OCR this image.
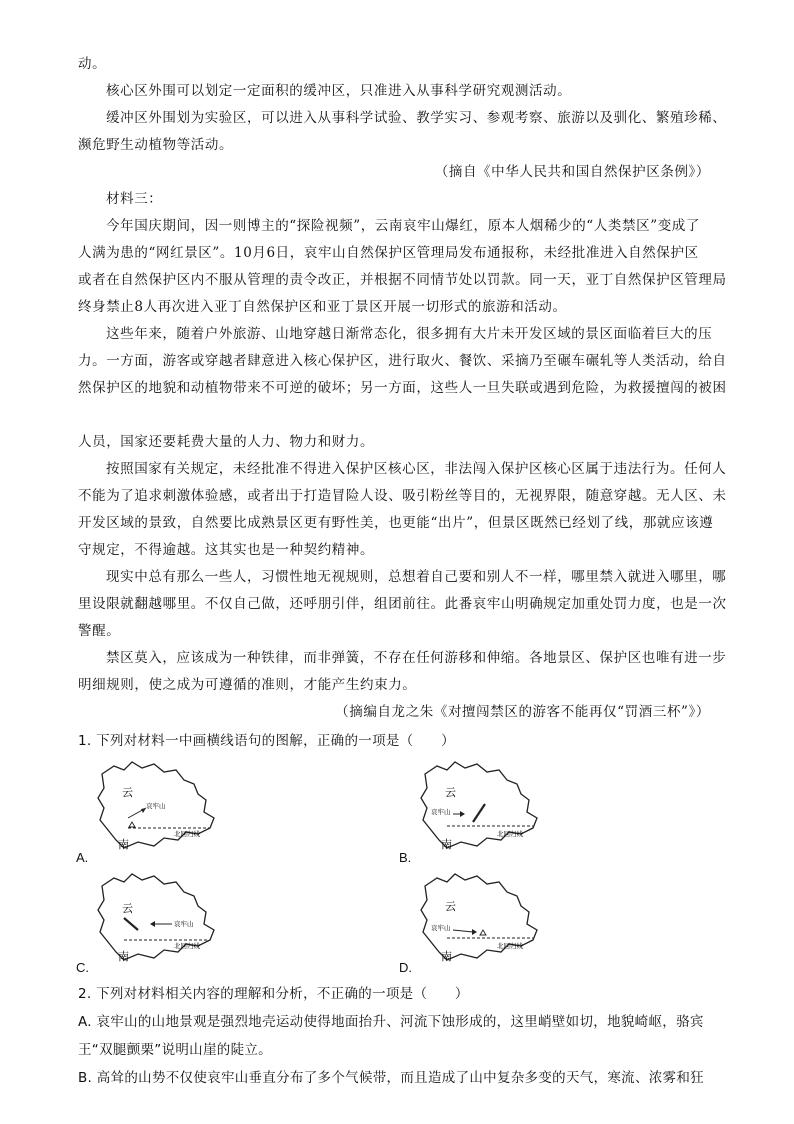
动。
核心区外围可以划定一定面积的缓冲区，只准进入从事科学研究观测活动。
缓冲区外围划为实验区，可以进入从事科学试验、教学实习、参观考察、旅游以及驯化、繁殖珍稀、
濒危野生动植物等活动。
（摘自《中华人民共和国自然保护区条例》）
材料三：
今年国庆期间，因一则博主的“探险视频”，云南哀牢山爆红，原本人烟稀少的“人类禁区”变成了
人满为患的“网红景区”。10月6日，哀牢山自然保护区管理局发布通报称，未经批准进入自然保护区
或者在自然保护区内不服从管理的责令改正，并根据不同情节处以罚款。同一天，亚丁自然保护区管理局
终身禁止8人再次进入亚丁自然保护区和亚丁景区开展一切形式的旅游和活动。
这些年来，随着户外旅游、山地穿越日渐常态化，很多拥有大片未开发区域的景区面临着巨大的压
力。一方面，游客或穿越者肆意进入核心保护区，进行取火、餐饮、采摘乃至碾车碾轧等人类活动，给自
然保护区的地貌和动植物带来不可逆的破坏；另一方面，这些人一旦失联或遇到危险，为救援擅闯的被困
人员，国家还要耗费大量的人力、物力和财力。
按照国家有关规定，未经批准不得进入保护区核心区，非法闯入保护区核心区属于违法行为。任何人
不能为了追求刺激体验感，或者出于打造冒险人设、吸引粉丝等目的，无视界限，随意穿越。无人区、未
开发区域的景致，自然要比成熟景区更有野性美，也更能“出片”，但景区既然已经划了线，那就应该遵
守规定，不得逾越。这其实也是一种契约精神。
现实中总有那么一些人，习惯性地无视规则，总想着自己要和别人不一样，哪里禁入就进入哪里，哪
里设限就翻越哪里。不仅自己做，还呼朋引伴，组团前往。此番哀牢山明确规定加重处罚力度，也是一次
警醒。
禁区莫入，应该成为一种铁律，而非弹簧，不存在任何游移和伸缩。各地景区、保护区也唯有进一步
明细规则，使之成为可遵循的准则，才能产生约束力。
（摘编自龙之朱《对擅闯禁区的游客不能再仅“罚酒三杯”》）
1. 下列对材料一中画横线语句的图解，正确的一项是（　　）
云
哀牢山
北回归线
南
A.
云
哀牢山
北回归线
南
B.
云
哀牢山
北回归线
南
C.
云
哀牢山
北回归线
南
D.
2. 下列对材料相关内容的理解和分析，不正确的一项是（　　）
A. 哀牢山的山地景观是强烈地壳运动使得地面抬升、河流下蚀形成的，这里峭壁如切，地貌崎岖，骆宾
王“双腿颤栗”说明山崖的陡立。
B. 高耸的山势不仅使哀牢山垂直分布了多个气候带，而且造成了山中复杂多变的天气，寒流、浓雾和狂
